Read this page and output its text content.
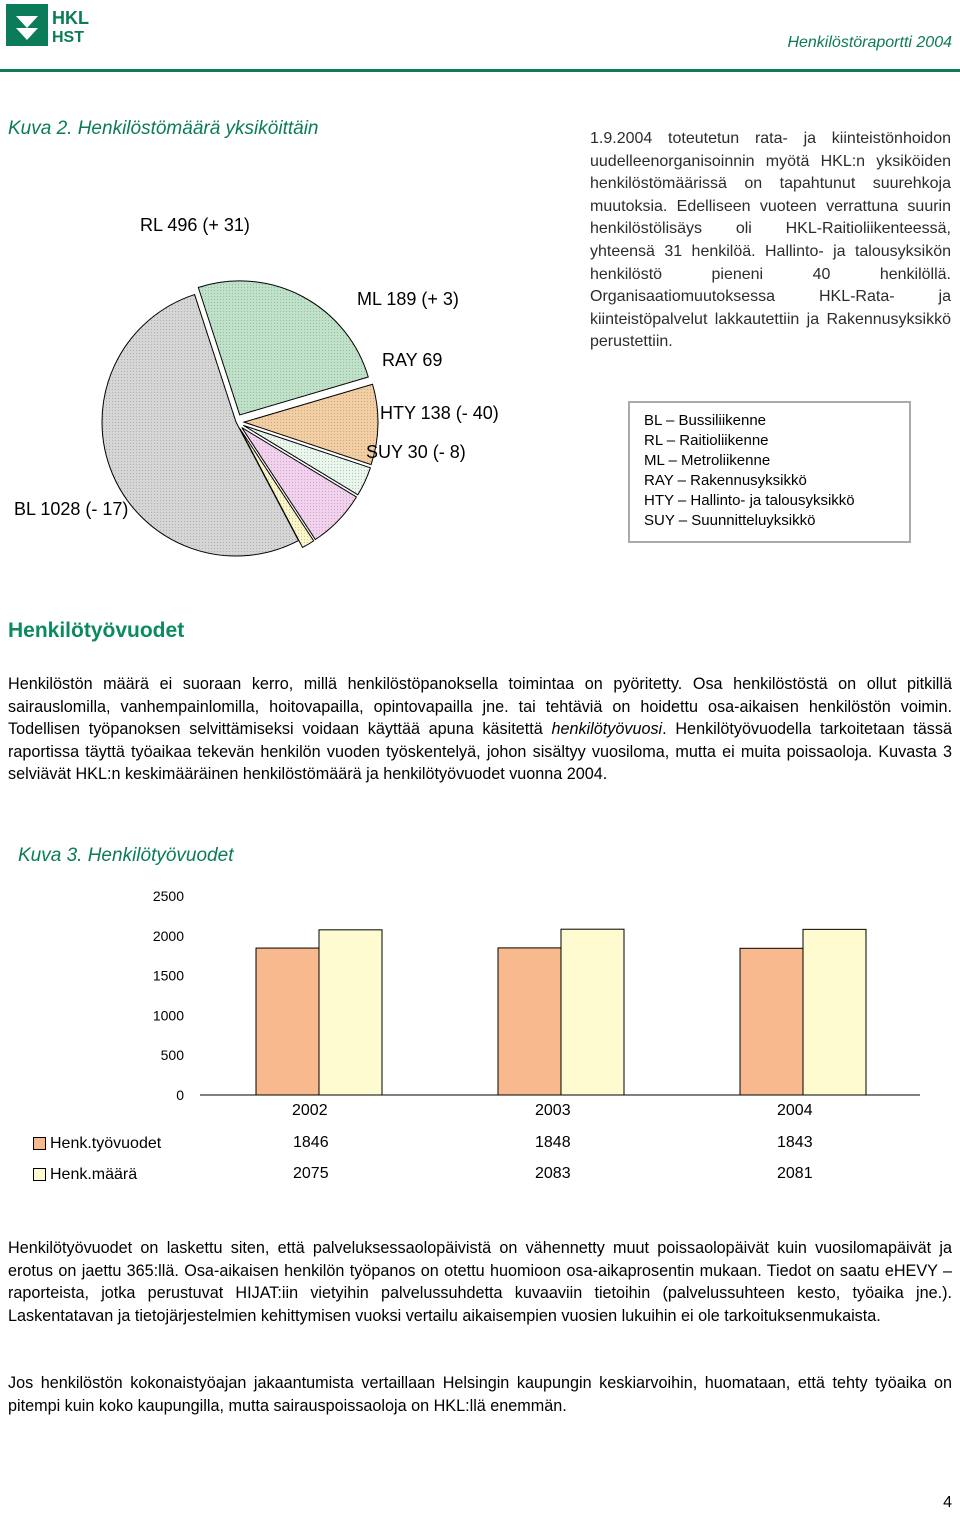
HKL
HST	Henkilöstöraportti 2004
Kuva 2. Henkilöstömäärä yksiköittäin
BL 1028 (- 17)
RL 496 (+ 31)
ML 189 (+ 3)
RAY 69
HTY 138 (- 40)
SUY 30 (- 8)
1.9.2004 toteutetun rata- ja kiinteistönhoidon uudelleenorganisoinnin myötä HKL:n yksiköiden henkilöstömäärissä on tapahtunut suurehkoja muutoksia. Edelliseen vuoteen verrattuna suurin henkilöstölisäys oli HKL-Raitioliikenteessä, yhteensä 31 henkilöä. Hallinto- ja talousyksikön henkilöstö pieneni 40 henkilöllä. Organisaatiomuutoksessa HKL-Rata- ja kiinteistöpalvelut lakkautettiin ja Rakennusyksikkö perustettiin.
BL – Bussiliikenne
RL – Raitioliikenne
ML – Metroliikenne
RAY – Rakennusyksikkö
HTY – Hallinto- ja talousyksikkö
SUY – Suunnitteluyksikkö
Henkilötyövuodet
Henkilöstön määrä ei suoraan kerro, millä henkilöstöpanoksella toimintaa on pyöritetty. Osa henkilöstöstä on ollut pitkillä sairauslomilla, vanhempainlomilla, hoitovapailla, opintovapailla jne. tai tehtäviä on hoidettu osa-aikaisen henkilöstön voimin. Todellisen työpanoksen selvittämiseksi voidaan käyttää apuna käsitettä henkilötyövuosi. Henkilötyövuodella tarkoitetaan tässä raportissa täyttä työaikaa tekevän henkilön vuoden työskentelyä, johon sisältyy vuosiloma, mutta ei muita poissaoloja. Kuvasta 3 selviävät HKL:n keskimääräinen henkilöstömäärä ja henkilötyövuodet vuonna 2004.
Kuva 3. Henkilötyövuodet
2500
2000
1500
1000
500
0
2002	2003	2004
Henk.työvuodet	1846	1848	1843
Henk.määrä	2075	2083	2081
Henkilötyövuodet on laskettu siten, että palveluksessaolopäivistä on vähennetty muut poissaolopäivät kuin vuosilomapäivät ja erotus on jaettu 365:llä. Osa-aikaisen henkilön työpanos on otettu huomioon osa-aikaprosentin mukaan. Tiedot on saatu eHEVY –raporteista, jotka perustuvat HIJAT:iin vietyihin palvelussuhdetta kuvaaviin tietoihin (palvelussuhteen kesto, työaika jne.). Laskentatavan ja tietojärjestelmien kehittymisen vuoksi vertailu aikaisempien vuosien lukuihin ei ole tarkoituksenmukaista.
Jos henkilöstön kokonaistyöajan jakaantumista vertaillaan Helsingin kaupungin keskiarvoihin, huomataan, että tehty työaika on pitempi kuin koko kaupungilla, mutta sairauspoissaoloja on HKL:llä enemmän.
4
